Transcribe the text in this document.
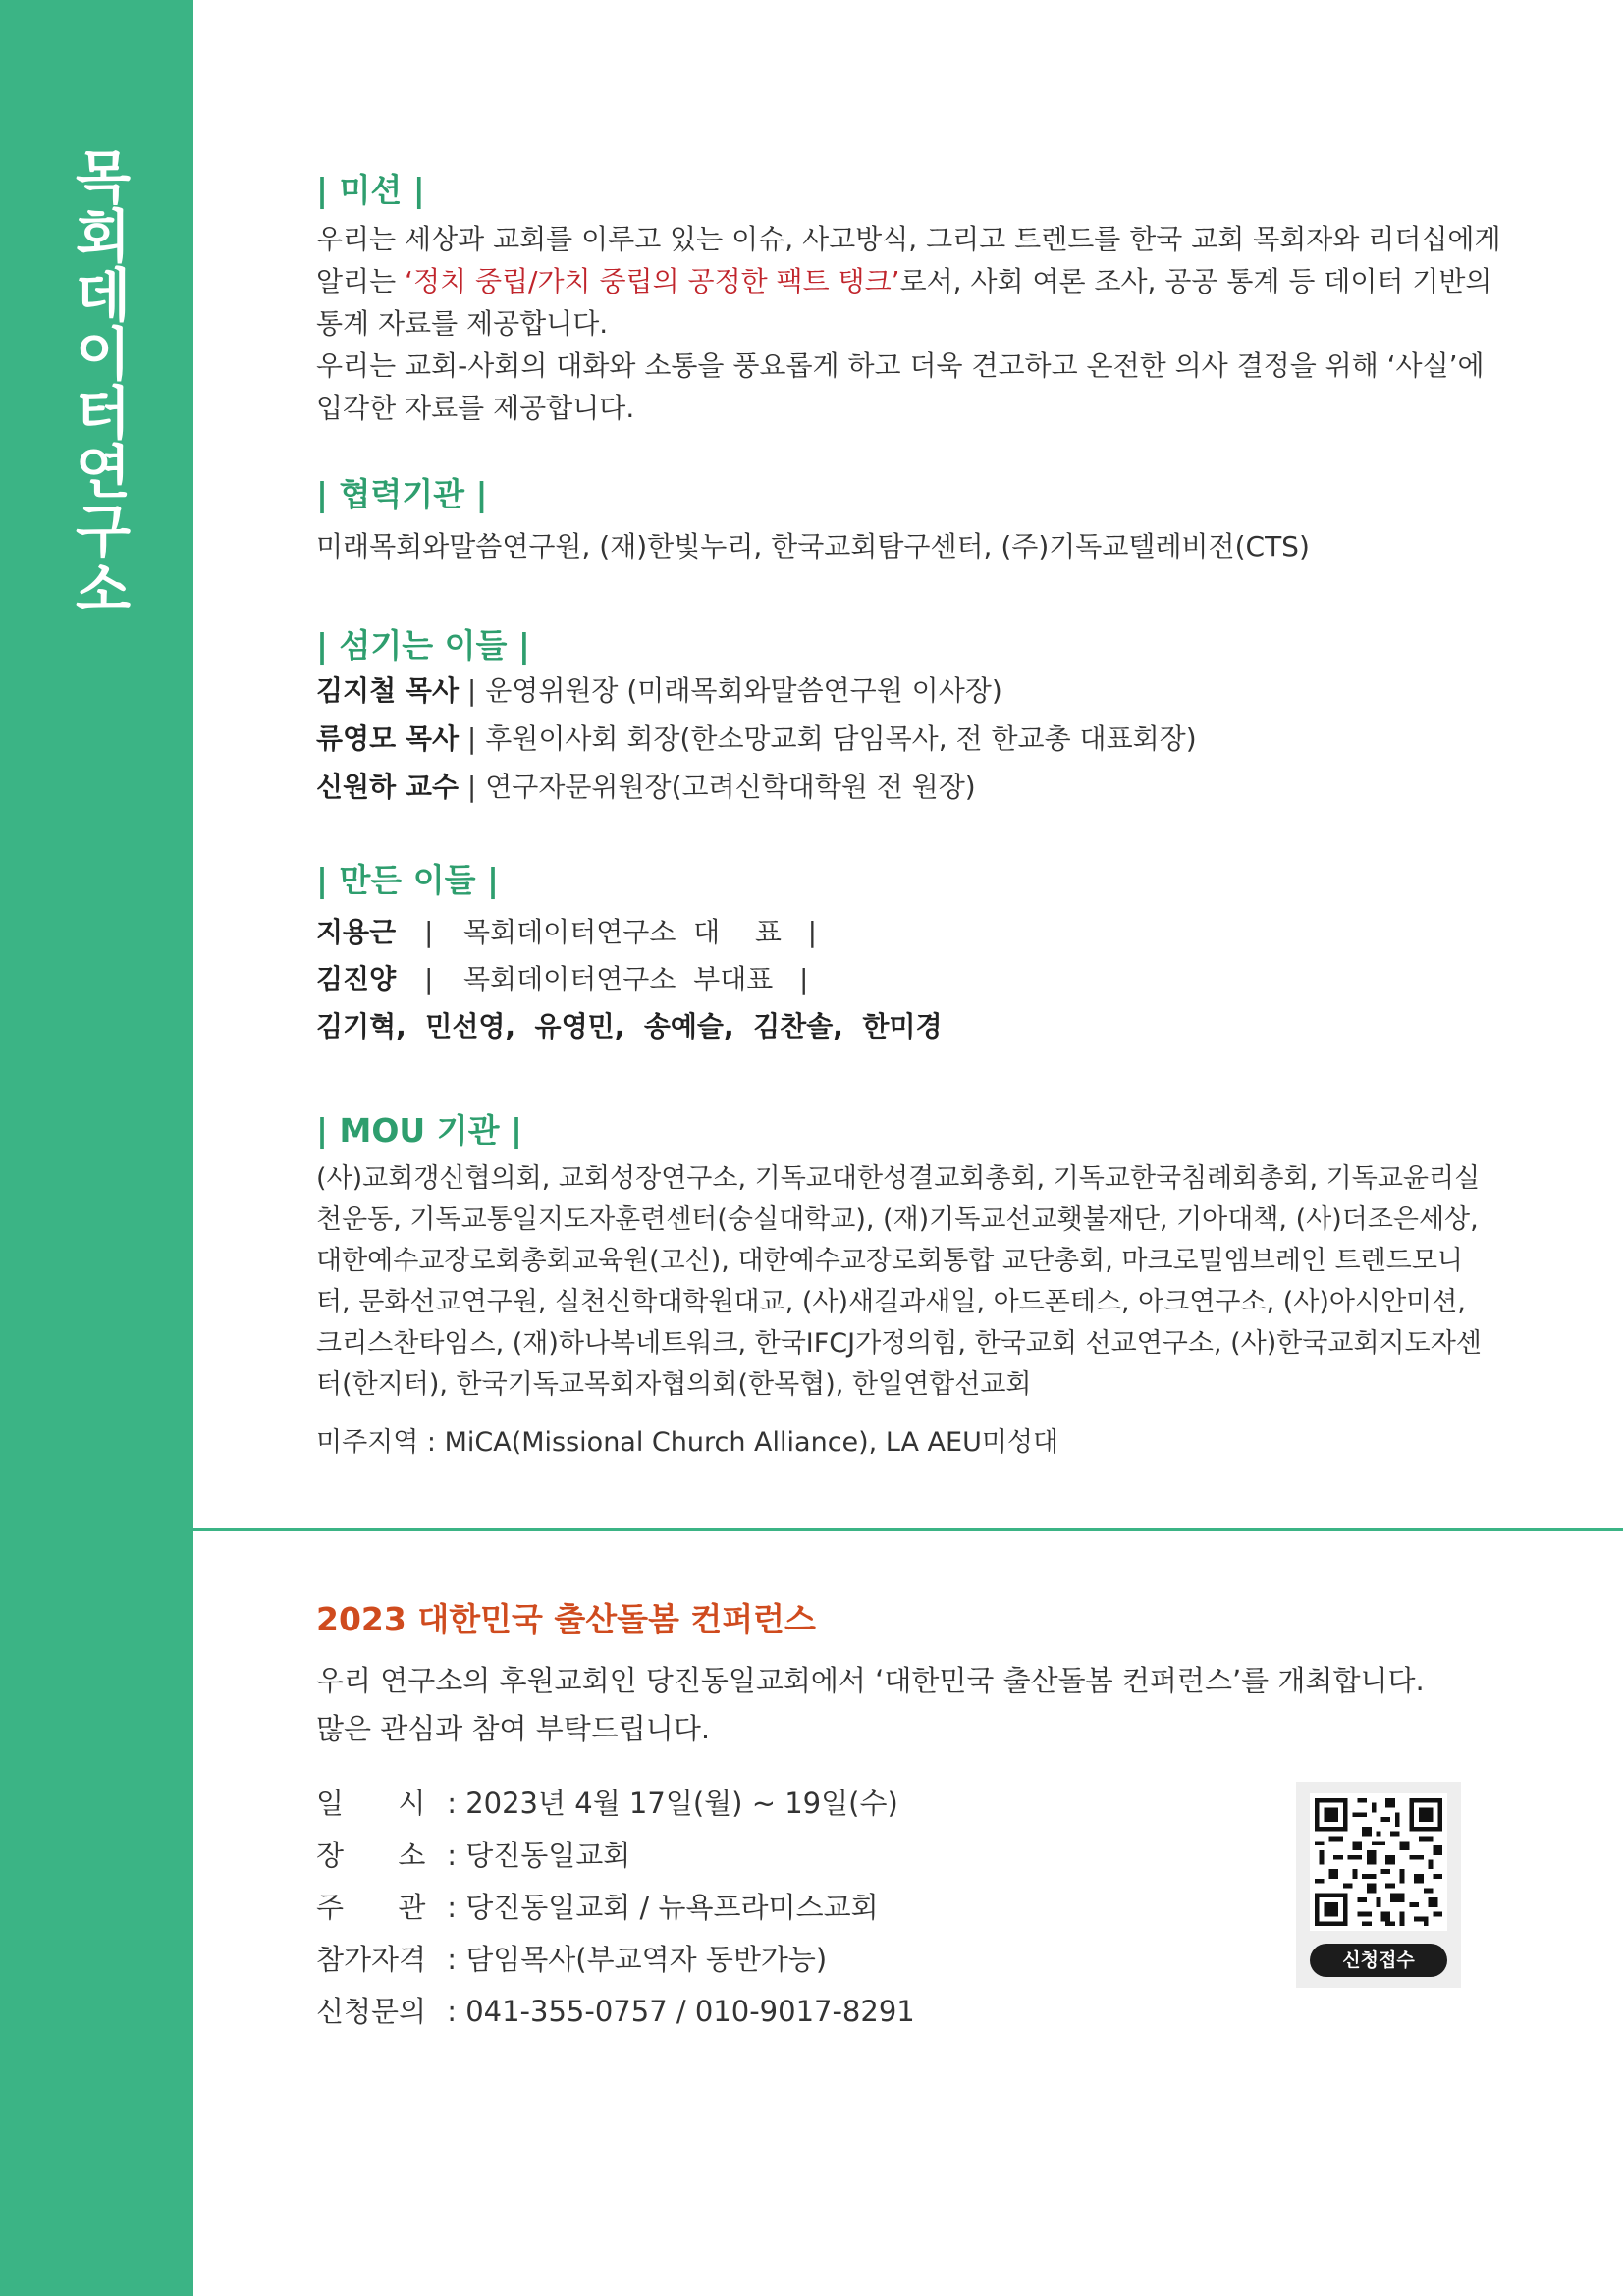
목회데이터연구소	| 미션 |
우리는 세상과 교회를 이루고 있는 이슈, 사고방식, 그리고 트렌드를 한국 교회 목회자와 리더십에게
알리는 ‘정치 중립/가치 중립의 공정한 팩트 탱크’로서, 사회 여론 조사, 공공 통계 등 데이터 기반의
통계 자료를 제공합니다.
우리는 교회-사회의 대화와 소통을 풍요롭게 하고 더욱 견고하고 온전한 의사 결정을 위해 ‘사실’에
입각한 자료를 제공합니다.
| 협력기관 |
미래목회와말씀연구원, (재)한빛누리, 한국교회탐구센터, (주)기독교텔레비전(CTS)
| 섬기는 이들 |
김지철 목사 | 운영위원장 (미래목회와말씀연구원 이사장)
류영모 목사 | 후원이사회 회장(한소망교회 담임목사, 전 한교총 대표회장)
신원하 교수 | 연구자문위원장(고려신학대학원 전 원장)
| 만든 이들 |
지용근 | 목회데이터연구소  대    표   |
김진양 | 목회데이터연구소  부대표   |
김기혁,  민선영,  유영민,  송예슬,  김찬솔,  한미경
| MOU 기관 |
(사)교회갱신협의회, 교회성장연구소, 기독교대한성결교회총회, 기독교한국침례회총회, 기독교윤리실천운동, 기독교통일지도자훈련센터(숭실대학교), (재)기독교선교횃불재단, 기아대책, (사)더조은세상, 대한예수교장로회총회교육원(고신), 대한예수교장로회통합 교단총회, 마크로밀엠브레인 트렌드모니터, 문화선교연구원, 실천신학대학원대교, (사)새길과새일, 아드폰테스, 아크연구소, (사)아시안미션, 크리스찬타임스, (재)하나복네트워크, 한국IFCJ가정의힘, 한국교회 선교연구소, (사)한국교회지도자센터(한지터), 한국기독교목회자협의회(한목협), 한일연합선교회
미주지역 : MiCA(Missional Church Alliance), LA AEU미성대
2023 대한민국 출산돌봄 컨퍼런스
우리 연구소의 후원교회인 당진동일교회에서 ‘대한민국 출산돌봄 컨퍼런스’를 개최합니다.
많은 관심과 참여 부탁드립니다.
일      시 : 2023년 4월 17일(월) ~ 19일(수)
장      소 : 당진동일교회
주      관 : 당진동일교회 / 뉴욕프라미스교회
참가자격 : 담임목사(부교역자 동반가능)
신청문의 : 041-355-0757 / 010-9017-8291
신청접수
